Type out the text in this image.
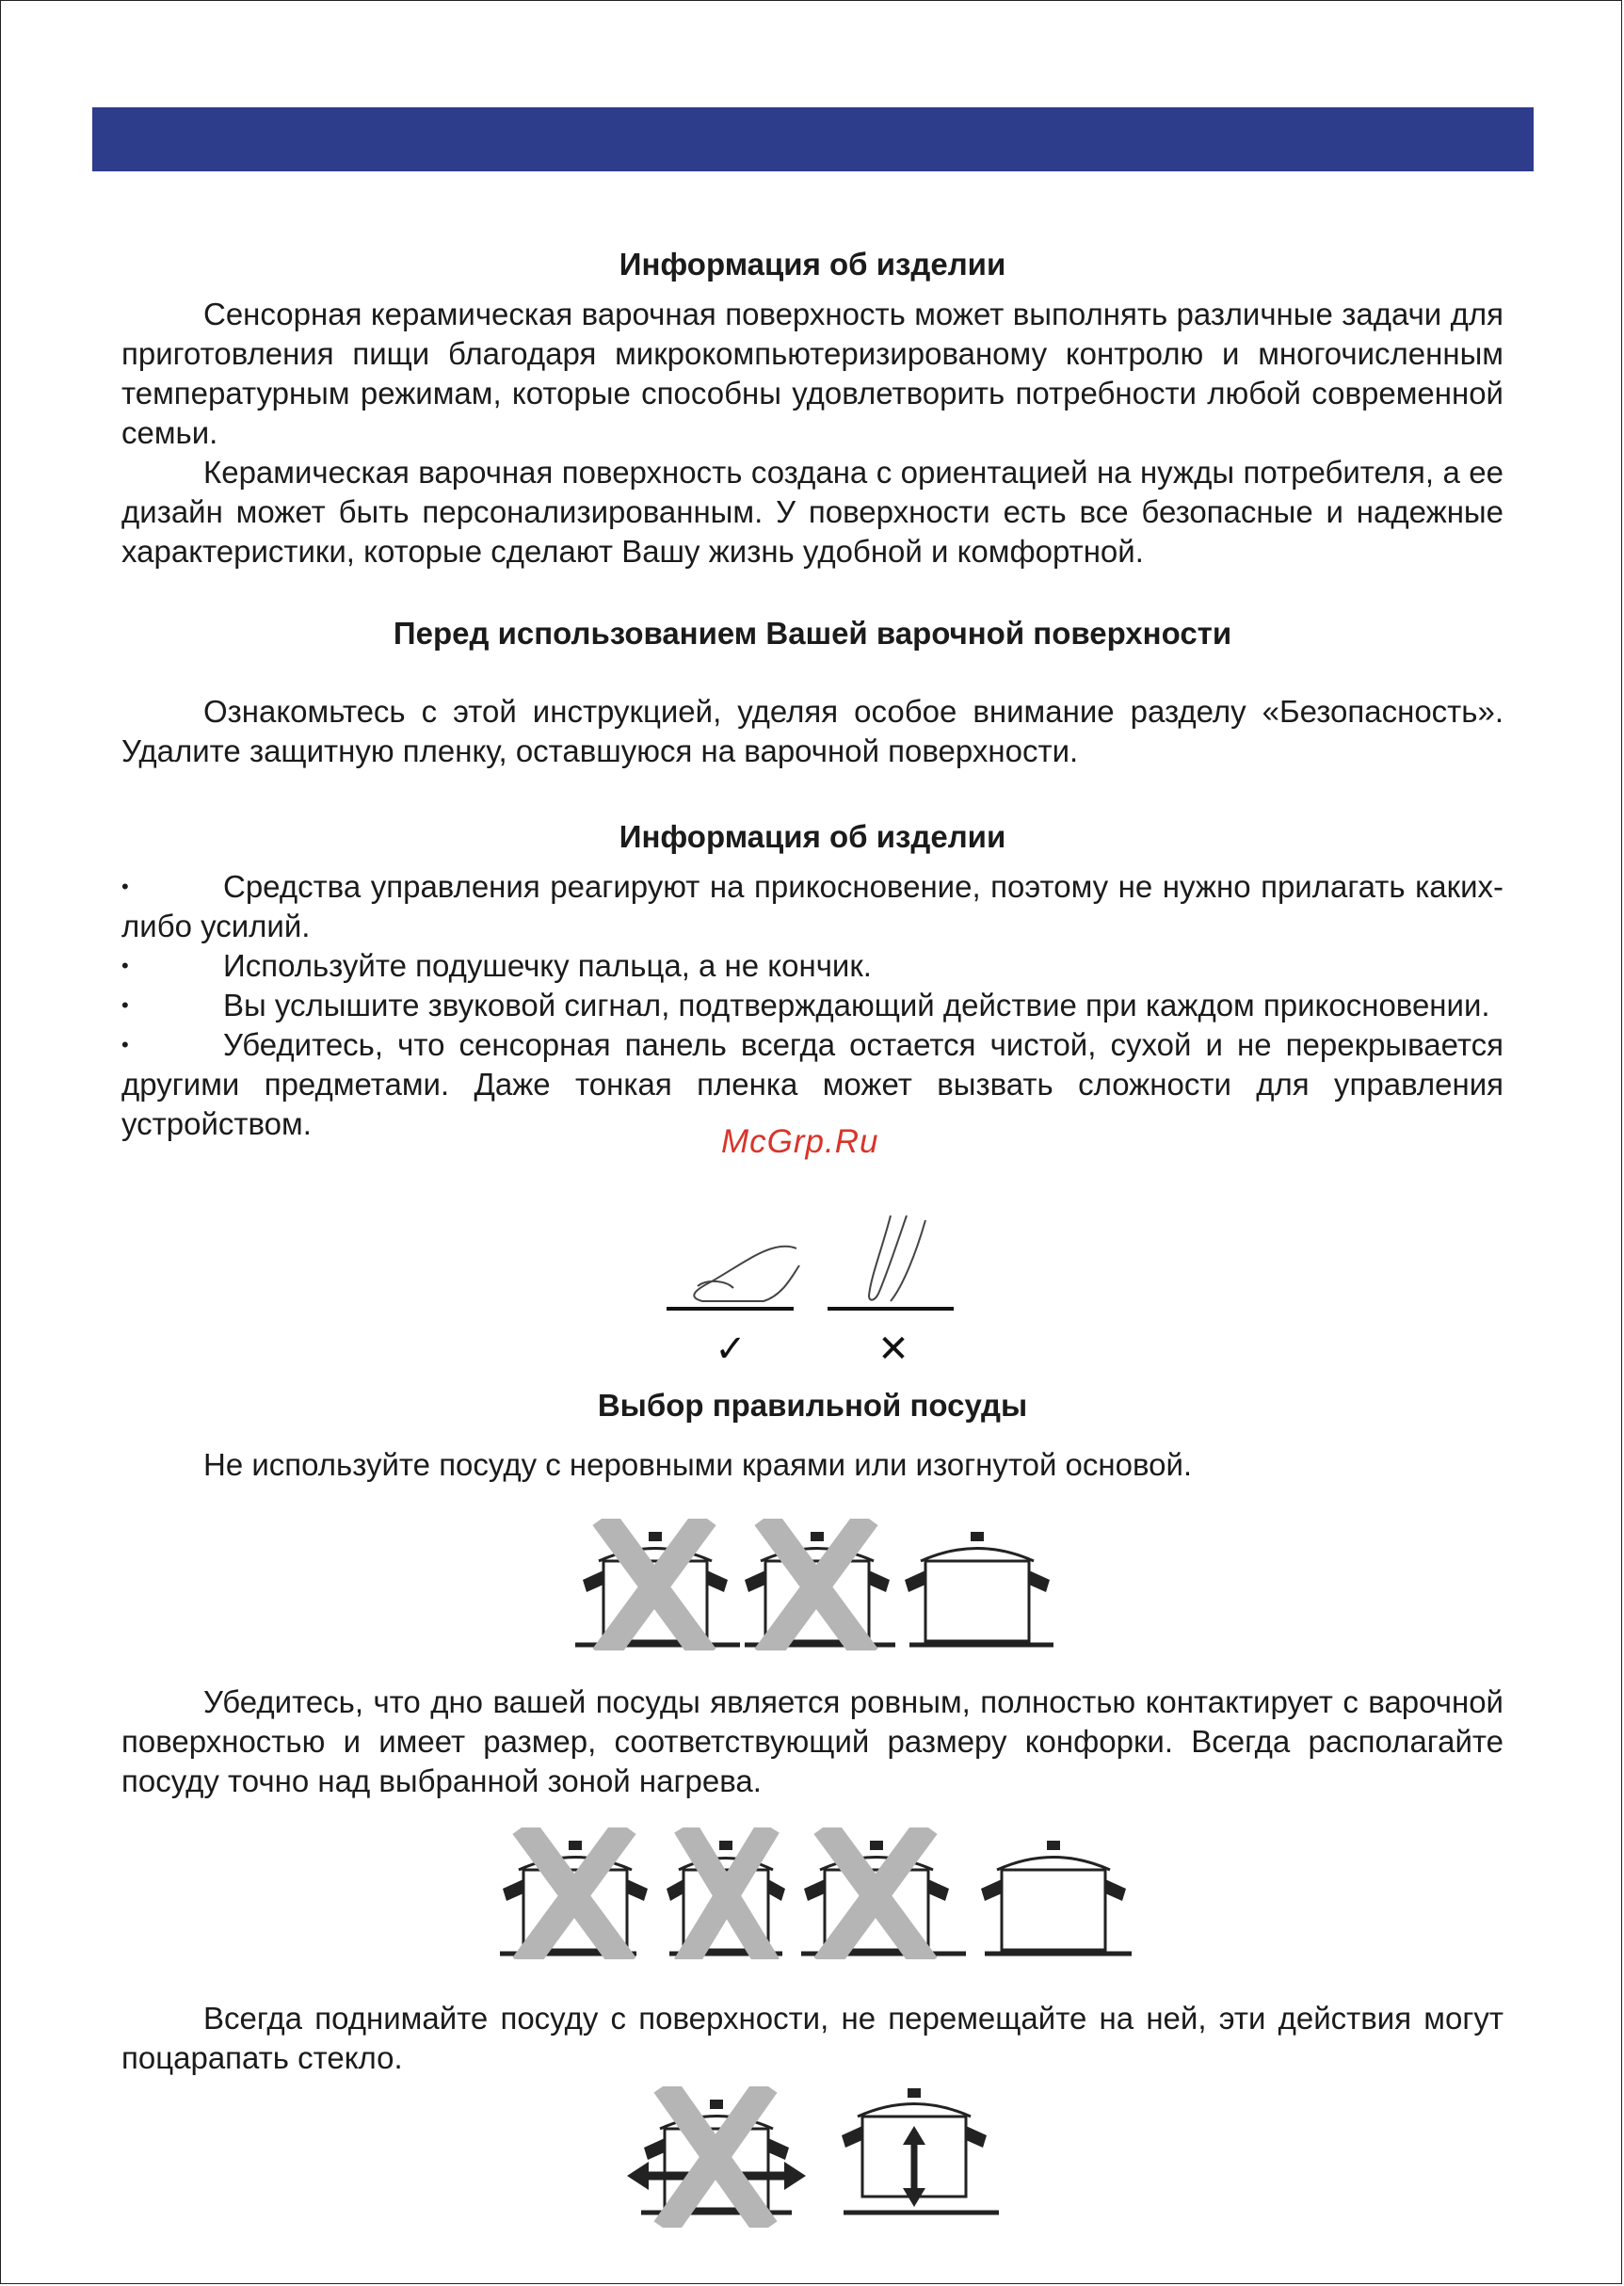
Информация об изделии

Сенсорная керамическая варочная поверхность может выполнять различные задачи для приготовления пищи благодаря микрокомпьютеризированому контролю и многочисленным температурным режимам, которые способны удовлетворить потребности любой современной семьи.

Керамическая варочная поверхность создана с ориентацией на нужды потребителя, а ее дизайн может быть персонализированным. У поверхности есть все безопасные и надежные характеристики, которые сделают Вашу жизнь удобной и комфортной.

Перед использованием Вашей варочной поверхности

Ознакомьтесь с этой инструкцией, уделяя особое внимание разделу «Безопасность». Удалите защитную пленку, оставшуюся на варочной поверхности.

Информация об изделии

•	Средства управления реагируют на прикосновение, поэтому не нужно прилагать каких-либо усилий.

•	Используйте подушечку пальца, а не кончик.

•	Вы услышите звуковой сигнал, подтверждающий действие при каждом прикосновении.

•	Убедитесь, что сенсорная панель всегда остается чистой, сухой и не перекрывается другими предметами. Даже тонкая пленка может вызвать сложности для управления устройством.	McGrp.Ru
✓	✕
Выбор правильной посуды

Не используйте посуду с неровными краями или изогнутой основой.

Убедитесь, что дно вашей посуды является ровным, полностью контактирует с варочной поверхностью и имеет размер, соответствующий размеру конфорки. Всегда располагайте посуду точно над выбранной зоной нагрева.

Всегда поднимайте посуду с поверхности, не перемещайте на ней, эти действия могут поцарапать стекло.
